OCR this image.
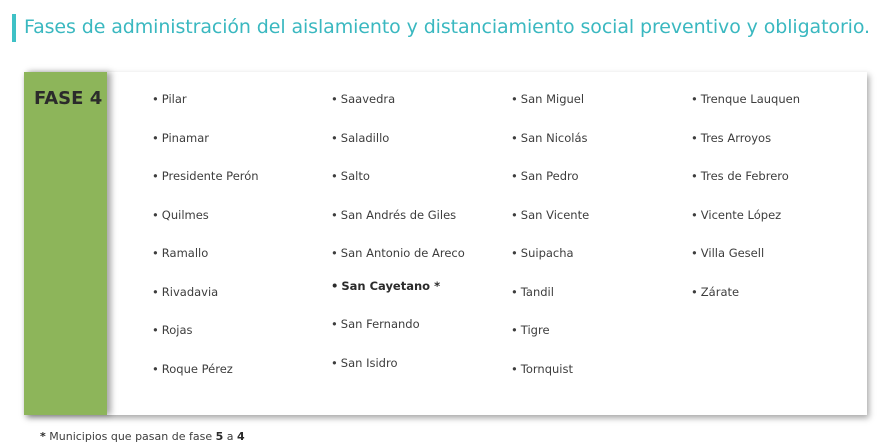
Fases de administración del aislamiento y distanciamiento social preventivo y obligatorio.
FASE 4	• Pilar
• Pinamar
• Presidente Perón
• Quilmes
• Ramallo
• Rivadavia
• Rojas
• Roque Pérez
• Saavedra
• Saladillo
• Salto
• San Andrés de Giles
• San Antonio de Areco
• San Cayetano *
• San Fernando
• San Isidro
• San Miguel
• San Nicolás
• San Pedro
• San Vicente
• Suipacha
• Tandil
• Tigre
• Tornquist
• Trenque Lauquen
• Tres Arroyos
• Tres de Febrero
• Vicente López
• Villa Gesell
• Zárate
* Municipios que pasan de fase 5 a 4
